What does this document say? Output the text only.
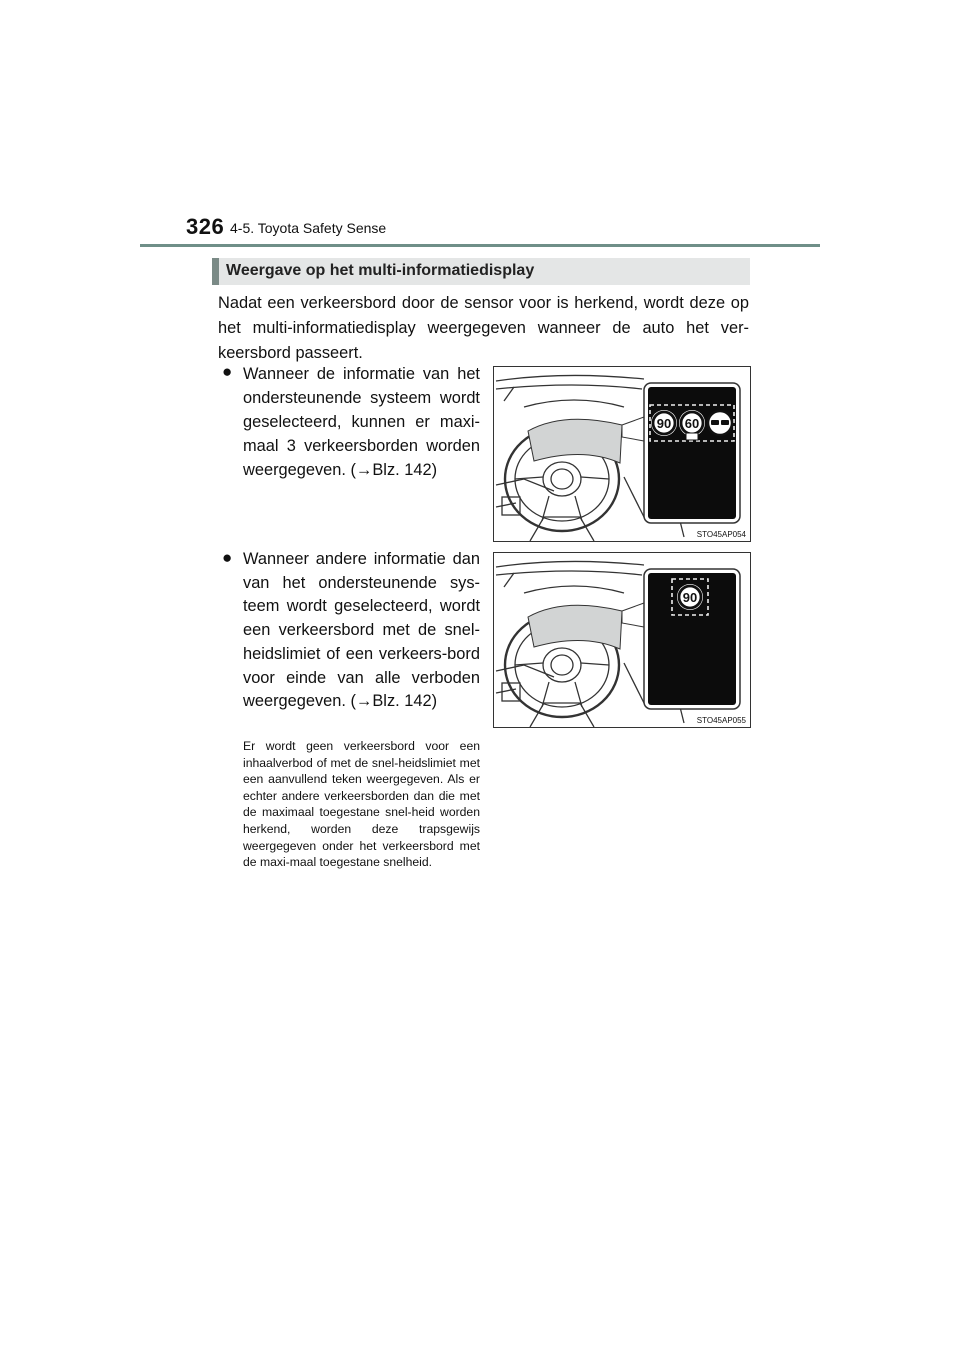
326 4-5. Toyota Safety Sense
Weergave op het multi-informatiedisplay
Nadat een verkeersbord door de sensor voor is herkend, wordt deze op het multi-informatiedisplay weergegeven wanneer de auto het ver-keersbord passeert.
● Wanneer de informatie van het ondersteunende systeem wordt geselecteerd, kunnen er maxi-maal 3 verkeersborden worden weergegeven. (→Blz. 142)
● Wanneer andere informatie dan van het ondersteunende sys-teem wordt geselecteerd, wordt een verkeersbord met de snel-heidslimiet of een verkeers-bord voor einde van alle verboden weergegeven. (→Blz. 142)
Er wordt geen verkeersbord voor een inhaalverbod of met de snel-heidslimiet met een aanvullend teken weergegeven. Als er echter andere verkeersborden dan die met de maximaal toegestane snel-heid worden herkend, worden deze trapsgewijs weergegeven onder het verkeersbord met de maxi-maal toegestane snelheid.
90 60
STO45AP054
90
STO45AP055
